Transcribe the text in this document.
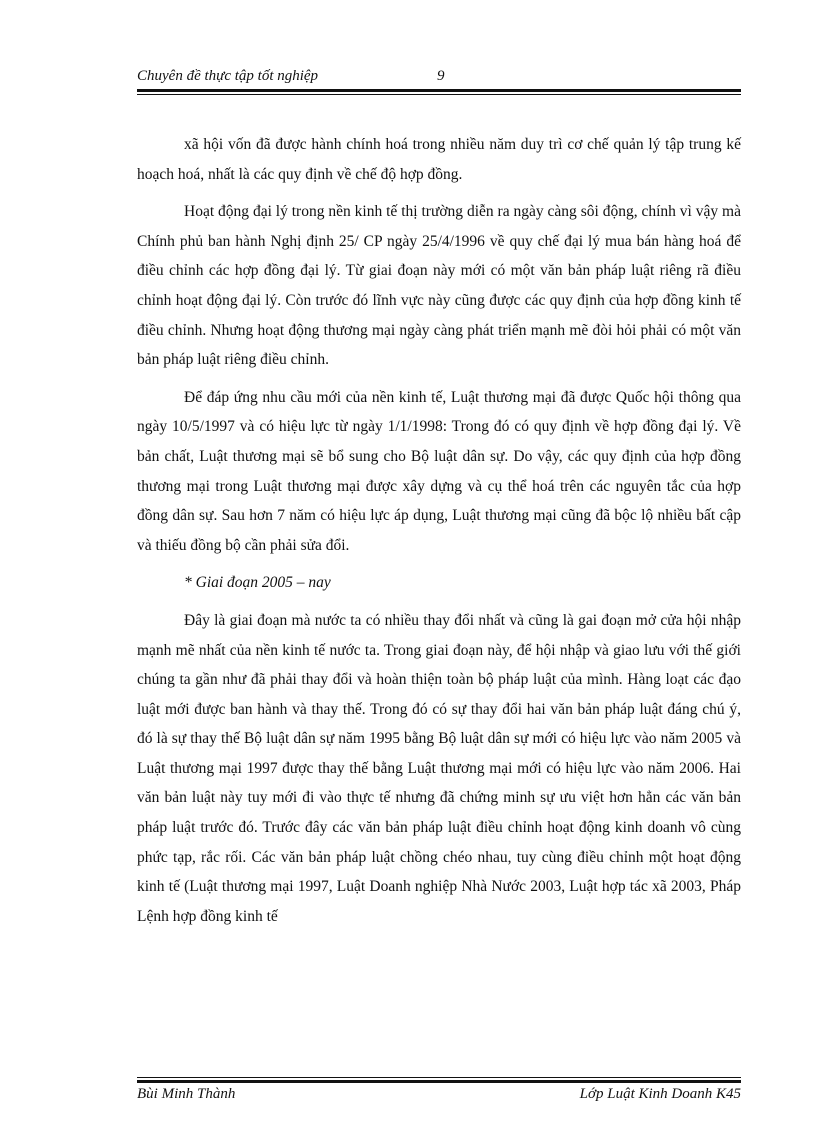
Chuyên đề thực tập tốt nghiệp	9

xã hội vốn đã được hành chính hoá trong nhiều năm duy trì cơ chế quản lý tập trung kế hoạch hoá, nhất là các quy định về chế độ hợp đồng.

Hoạt động đại lý trong nền kinh tế thị trường diễn ra ngày càng sôi động, chính vì vậy mà Chính phủ ban hành Nghị định 25/ CP ngày 25/4/1996 về quy chế đại lý mua bán hàng hoá để điều chỉnh các hợp đồng đại lý. Từ giai đoạn này mới có một văn bản pháp luật riêng rã điều chỉnh hoạt động đại lý. Còn trước đó lĩnh vực này cũng được các quy định của hợp đồng kinh tế điều chỉnh. Nhưng hoạt động thương mại ngày càng phát triển mạnh mẽ đòi hỏi phải có một văn bản pháp luật riêng điều chỉnh.

Để đáp ứng nhu cầu mới của nền kinh tế, Luật thương mại đã được Quốc hội thông qua ngày 10/5/1997 và có hiệu lực từ ngày 1/1/1998: Trong đó có quy định về hợp đồng đại lý. Về bản chất, Luật thương mại sẽ bổ sung cho Bộ luật dân sự. Do vậy, các quy định của hợp đồng thương mại trong Luật thương mại được xây dựng và cụ thể hoá trên các nguyên tắc của hợp đồng dân sự. Sau hơn 7 năm có hiệu lực áp dụng, Luật thương mại cũng đã bộc lộ nhiều bất cập và thiếu đồng bộ cần phải sửa đổi.

* Giai đoạn 2005 – nay

Đây là giai đoạn mà nước ta có nhiều thay đổi nhất và cũng là gai đoạn mở cửa hội nhập mạnh mẽ nhất của nền kinh tế nước ta. Trong giai đoạn này, để hội nhập và giao lưu với thế giới chúng ta gần như đã phải thay đổi và hoàn thiện toàn bộ pháp luật của mình. Hàng loạt các đạo luật mới được ban hành và thay thế. Trong đó có sự thay đổi hai văn bản pháp luật đáng chú ý, đó là sự thay thế Bộ luật dân sự năm 1995 bằng Bộ luật dân sự mới có hiệu lực vào năm 2005 và Luật thương mại 1997 được thay thế bằng Luật thương mại mới có hiệu lực vào năm 2006. Hai văn bản luật này tuy mới đi vào thực tế nhưng đã chứng minh sự ưu việt hơn hẳn các văn bản pháp luật trước đó. Trước đây các văn bản pháp luật điều chỉnh hoạt động kinh doanh vô cùng phức tạp, rắc rối. Các văn bản pháp luật chồng chéo nhau, tuy cùng điều chỉnh một hoạt động kinh tế (Luật thương mại 1997, Luật Doanh nghiệp Nhà Nước 2003, Luật hợp tác xã 2003, Pháp Lệnh hợp đồng kinh tế

Bùi Minh Thành	Lớp Luật Kinh Doanh K45
